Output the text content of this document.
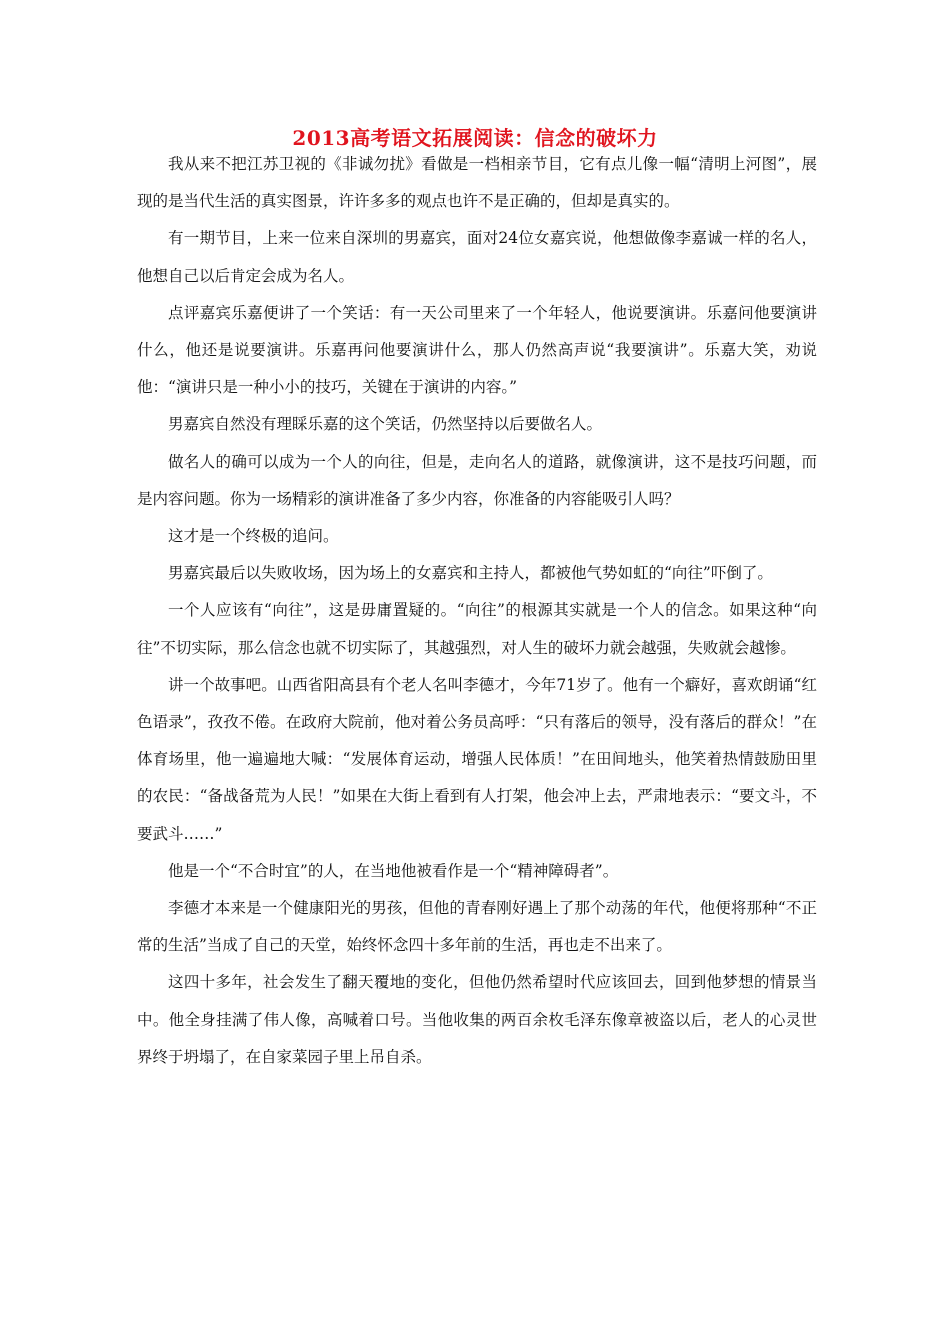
2013高考语文拓展阅读：信念的破坏力

我从来不把江苏卫视的《非诚勿扰》看做是一档相亲节目，它有点儿像一幅“清明上河图”，展现的是当代生活的真实图景，许许多多的观点也许不是正确的，但却是真实的。

有一期节目，上来一位来自深圳的男嘉宾，面对24位女嘉宾说，他想做像李嘉诚一样的名人，他想自己以后肯定会成为名人。

点评嘉宾乐嘉便讲了一个笑话：有一天公司里来了一个年轻人，他说要演讲。乐嘉问他要演讲什么，他还是说要演讲。乐嘉再问他要演讲什么，那人仍然高声说“我要演讲”。乐嘉大笑，劝说他：“演讲只是一种小小的技巧，关键在于演讲的内容。”

男嘉宾自然没有理睬乐嘉的这个笑话，仍然坚持以后要做名人。

做名人的确可以成为一个人的向往，但是，走向名人的道路，就像演讲，这不是技巧问题，而是内容问题。你为一场精彩的演讲准备了多少内容，你准备的内容能吸引人吗？

这才是一个终极的追问。

男嘉宾最后以失败收场，因为场上的女嘉宾和主持人，都被他气势如虹的“向往”吓倒了。

一个人应该有“向往”，这是毋庸置疑的。“向往”的根源其实就是一个人的信念。如果这种“向往”不切实际，那么信念也就不切实际了，其越强烈，对人生的破坏力就会越强，失败就会越惨。

讲一个故事吧。山西省阳高县有个老人名叫李德才，今年71岁了。他有一个癖好，喜欢朗诵“红色语录”，孜孜不倦。在政府大院前，他对着公务员高呼：“只有落后的领导，没有落后的群众！”在体育场里，他一遍遍地大喊：“发展体育运动，增强人民体质！”在田间地头，他笑着热情鼓励田里的农民：“备战备荒为人民！”如果在大街上看到有人打架，他会冲上去，严肃地表示：“要文斗，不要武斗……”

他是一个“不合时宜”的人，在当地他被看作是一个“精神障碍者”。

李德才本来是一个健康阳光的男孩，但他的青春刚好遇上了那个动荡的年代，他便将那种“不正常的生活”当成了自己的天堂，始终怀念四十多年前的生活，再也走不出来了。

这四十多年，社会发生了翻天覆地的变化，但他仍然希望时代应该回去，回到他梦想的情景当中。他全身挂满了伟人像，高喊着口号。当他收集的两百余枚毛泽东像章被盗以后，老人的心灵世界终于坍塌了，在自家菜园子里上吊自杀。
